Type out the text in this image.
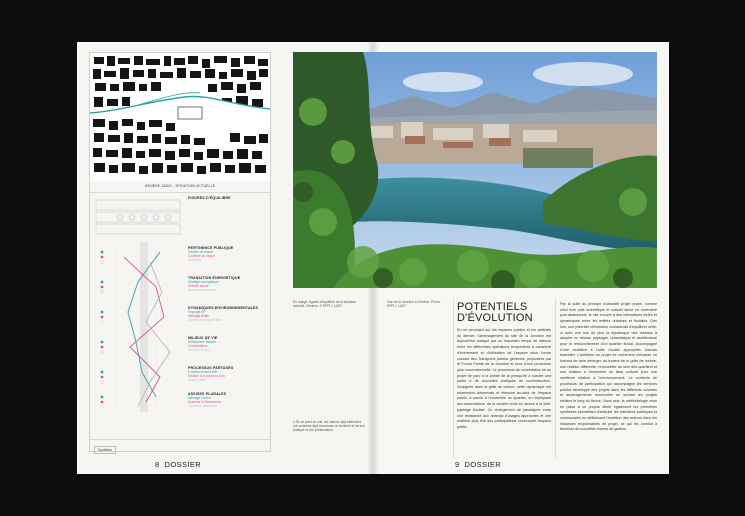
GENÈVE JADIS - SITUATION ACTUELLE
FIGURES D'ÉQUILIBRE
PERTINENCE PUBLIQUE
Gestion du risque
Contexte du risque
Durabilité
TRANSITION ÉNERGÉTIQUE
Stratégie énergétique
Mobilité douce
Biodiversité urbaine
DYNAMIQUES ENVIRONNEMENTALES
Paysage EP
Mélange fertile
Qualité de l'espace libre
MILIEUX DE VIE
Ressources Naturel
Cohabitations
Sécurité et soin
PROCESSUS PARTAGÉS
Fonctionnement ville
Gestion à la place du Lieu
Usage public
ASSISES PLURALES
Mélange Ouvert
Système & Ressources
Caractère ressource
Synthèse
8 DOSSIER	9 DOSSIER
En marge: figures d'équilibre de la situation actuelle, Genève. © EPFL / LAST
Vue de la Jonction à Genève. Photo: EPFL / LAST	POTENTIELS
D'ÉVOLUTION
En se penchant sur les espaces publics et les activités du dernier, l'aménagement du site de la Jonction est aujourd'hui marqué par un important temps de latence entre les différentes opérations temporaires à caractère d'événement et d'utilisation de l'espace sous l'ordre courant des Transports publics genevois, proposées par le Forum Pointe de la Jonction et ceux d'une procédure plus conventionnelle. Le processus de concertation lié au projet de parc à la pointe de la presqu'île a suscité une partie à de nouvelles pratiques de coconstruction. Soulignée dans la grille de lecture, cette dynamique est néanmoins désormais et étendue au-delà de l'espace public, à savoir à l'ensemble du quartier, en impliquant des associations, de la société civile en amont à la ville-paysage fluviale. Ce changement de paradigme entre une résistance aux champs d'usages appropriés et une maîtrise plus fine des participations concernant l'espace public.
Par la suite du principe d'urbanité projet phare, comme celui d'un pôle scientifique et culturel lancé en novembre puis abandonné, le site s'ouvre à des interactions fortes et dynamiques entre les entités urbaines et fluviales. Dès lors, son potentiel d'évolution consisterait d'équilibrer celle-ci avec une fois de plus la dynamique des réseaux à adopter un réseau paysager, urbanistique et architectural pour le renouvellement d'un quartier fluvial. Accompagné d'une mutation à l'aide d'outils appropriés d'accès essentiel. L'ambition du projet de recherche d'évaluer un horizon de faire émerger, au travers de la grille de lecture, une relation différente, renouvelée au sein des quartiers et une relation à l'ensemble du tissu culturel pour une meilleure relation à l'environnement. Le contexte de processus de participation qui accompagne les services publics développe des projets dans les différents volumes et aménagements renouvelés en suivant les projets urbains le long du fleuve. Sans cela, la méthodologie mise en place à ce propos décrit également les premières synthèses permettant d'articuler les intentions publiques et communales en définissant l'ambition des acteurs dans les instances responsables de projet, ce qui les conduit à favoriser de nouvelles formes de gestion.
1 De ce point de vue, les notions déjà élaborées ont certaines déjà reconnues ce territoire et de leur pratique et leur préservation.
